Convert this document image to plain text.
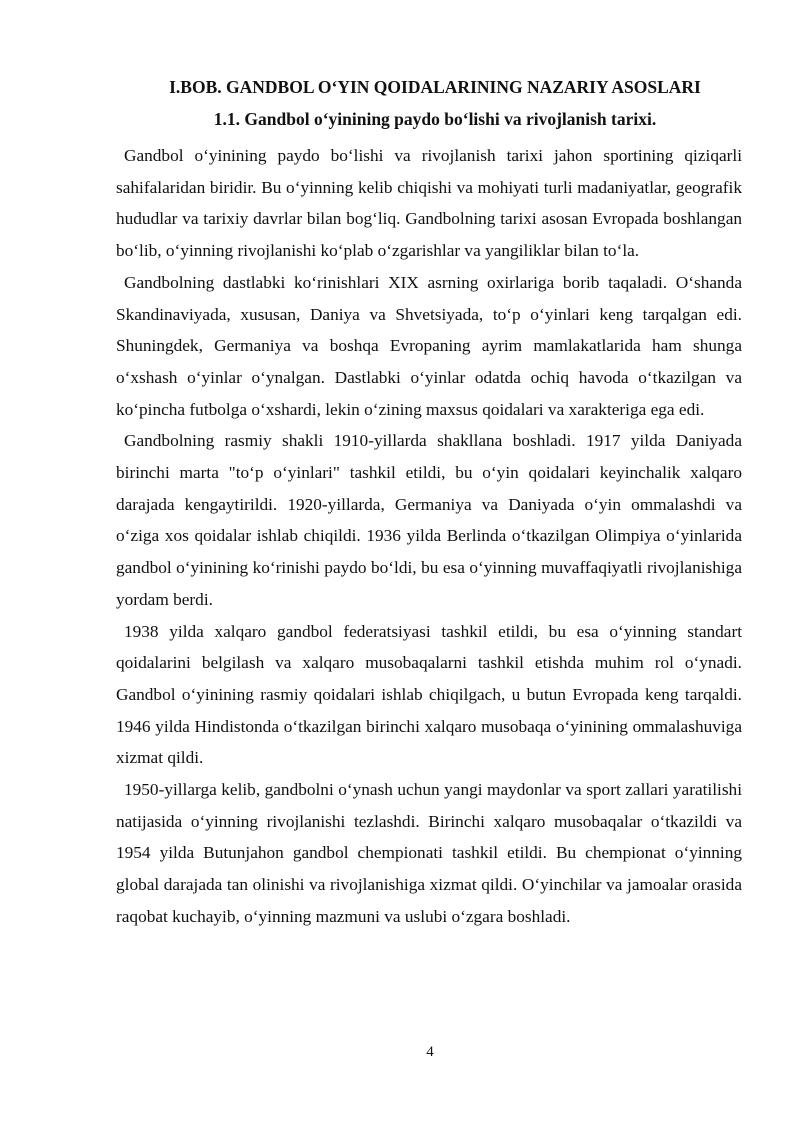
I.BOB. GANDBOL O‘YIN QOIDALARINING NAZARIY ASOSLARI
1.1. Gandbol o‘yinining paydo bo‘lishi va rivojlanish tarixi.

Gandbol o‘yinining paydo bo‘lishi va rivojlanish tarixi jahon sportining qiziqarli sahifalaridan biridir. Bu o‘yinning kelib chiqishi va mohiyati turli madaniyatlar, geografik hududlar va tarixiy davrlar bilan bog‘liq. Gandbolning tarixi asosan Evropada boshlangan bo‘lib, o‘yinning rivojlanishi ko‘plab o‘zgarishlar va yangiliklar bilan to‘la.

Gandbolning dastlabki ko‘rinishlari XIX asrning oxirlariga borib taqaladi. O‘shanda Skandinaviyada, xususan, Daniya va Shvetsiyada, to‘p o‘yinlari keng tarqalgan edi. Shuningdek, Germaniya va boshqa Evropaning ayrim mamlakatlarida ham shunga o‘xshash o‘yinlar o‘ynalgan. Dastlabki o‘yinlar odatda ochiq havoda o‘tkazilgan va ko‘pincha futbolga o‘xshardi, lekin o‘zining maxsus qoidalari va xarakteriga ega edi.

Gandbolning rasmiy shakli 1910-yillarda shakllana boshladi. 1917 yilda Daniyada birinchi marta "to‘p o‘yinlari" tashkil etildi, bu o‘yin qoidalari keyinchalik xalqaro darajada kengaytirildi. 1920-yillarda, Germaniya va Daniyada o‘yin ommalashdi va o‘ziga xos qoidalar ishlab chiqildi. 1936 yilda Berlinda o‘tkazilgan Olimpiya o‘yinlarida gandbol o‘yinining ko‘rinishi paydo bo‘ldi, bu esa o‘yinning muvaffaqiyatli rivojlanishiga yordam berdi.

1938 yilda xalqaro gandbol federatsiyasi tashkil etildi, bu esa o‘yinning standart qoidalarini belgilash va xalqaro musobaqalarni tashkil etishda muhim rol o‘ynadi. Gandbol o‘yinining rasmiy qoidalari ishlab chiqilgach, u butun Evropada keng tarqaldi. 1946 yilda Hindistonda o‘tkazilgan birinchi xalqaro musobaqa o‘yinining ommalashuviga xizmat qildi.

1950-yillarga kelib, gandbolni o‘ynash uchun yangi maydonlar va sport zallari yaratilishi natijasida o‘yinning rivojlanishi tezlashdi. Birinchi xalqaro musobaqalar o‘tkazildi va 1954 yilda Butunjahon gandbol chempionati tashkil etildi. Bu chempionat o‘yinning global darajada tan olinishi va rivojlanishiga xizmat qildi. O‘yinchilar va jamoalar orasida raqobat kuchayib, o‘yinning mazmuni va uslubi o‘zgara boshladi.

4
